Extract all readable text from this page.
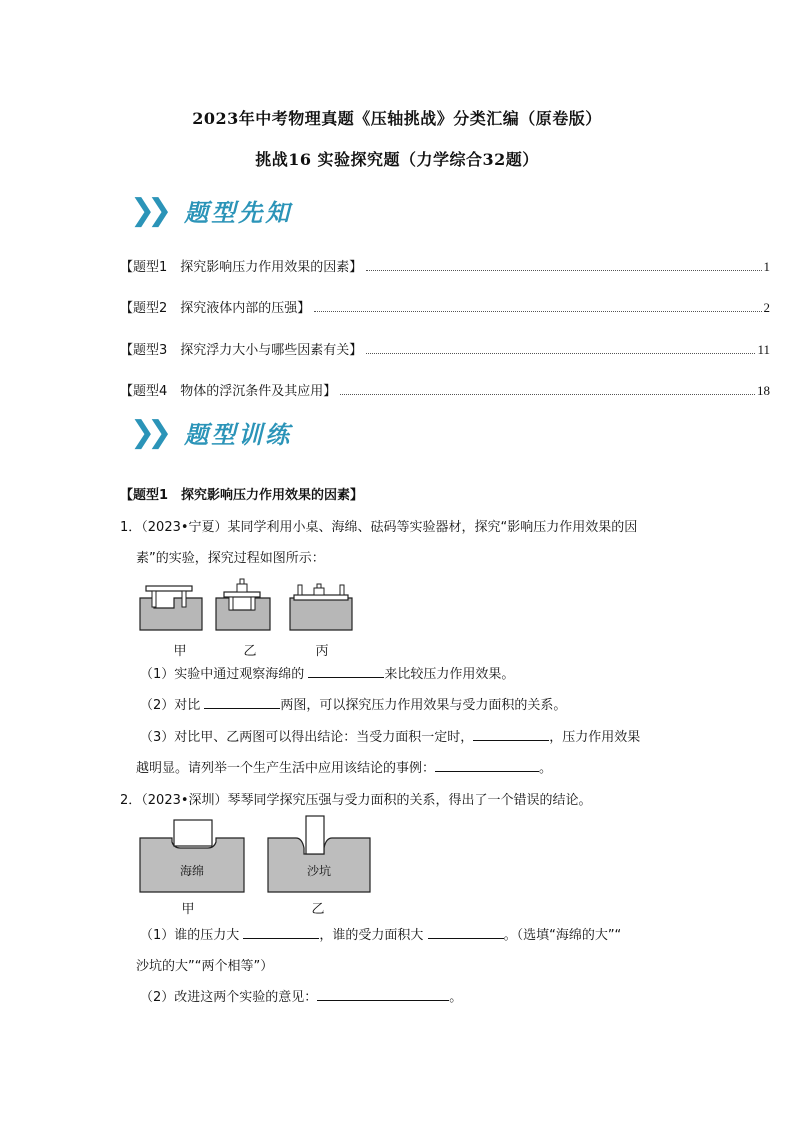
2023年中考物理真题《压轴挑战》分类汇编（原卷版）
挑战16 实验探究题（力学综合32题）
❯❯ 题型先知
【题型1　探究影响压力作用效果的因素】	1
【题型2　探究液体内部的压强】	2
【题型3　探究浮力大小与哪些因素有关】	11
【题型4　物体的浮沉条件及其应用】	18
❯❯ 题型训练
【题型1　探究影响压力作用效果的因素】
1．（2023•宁夏）某同学利用小桌、海绵、砝码等实验器材，探究“影响压力作用效果的因
素”的实验，探究过程如图所示：
甲	乙	丙
（1）实验中通过观察海绵的	来比较压力作用效果。
（2）对比	两图，可以探究压力作用效果与受力面积的关系。
（3）对比甲、乙两图可以得出结论：当受力面积一定时，	，压力作用效果
越明显。请列举一个生产生活中应用该结论的事例：	。
2．（2023•深圳）琴琴同学探究压强与受力面积的关系，得出了一个错误的结论。
海绵	沙坑
甲	乙
（1）谁的压力大	，谁的受力面积大	。（选填“海绵的大”“
沙坑的大”“两个相等”）
（2）改进这两个实验的意见：	。
